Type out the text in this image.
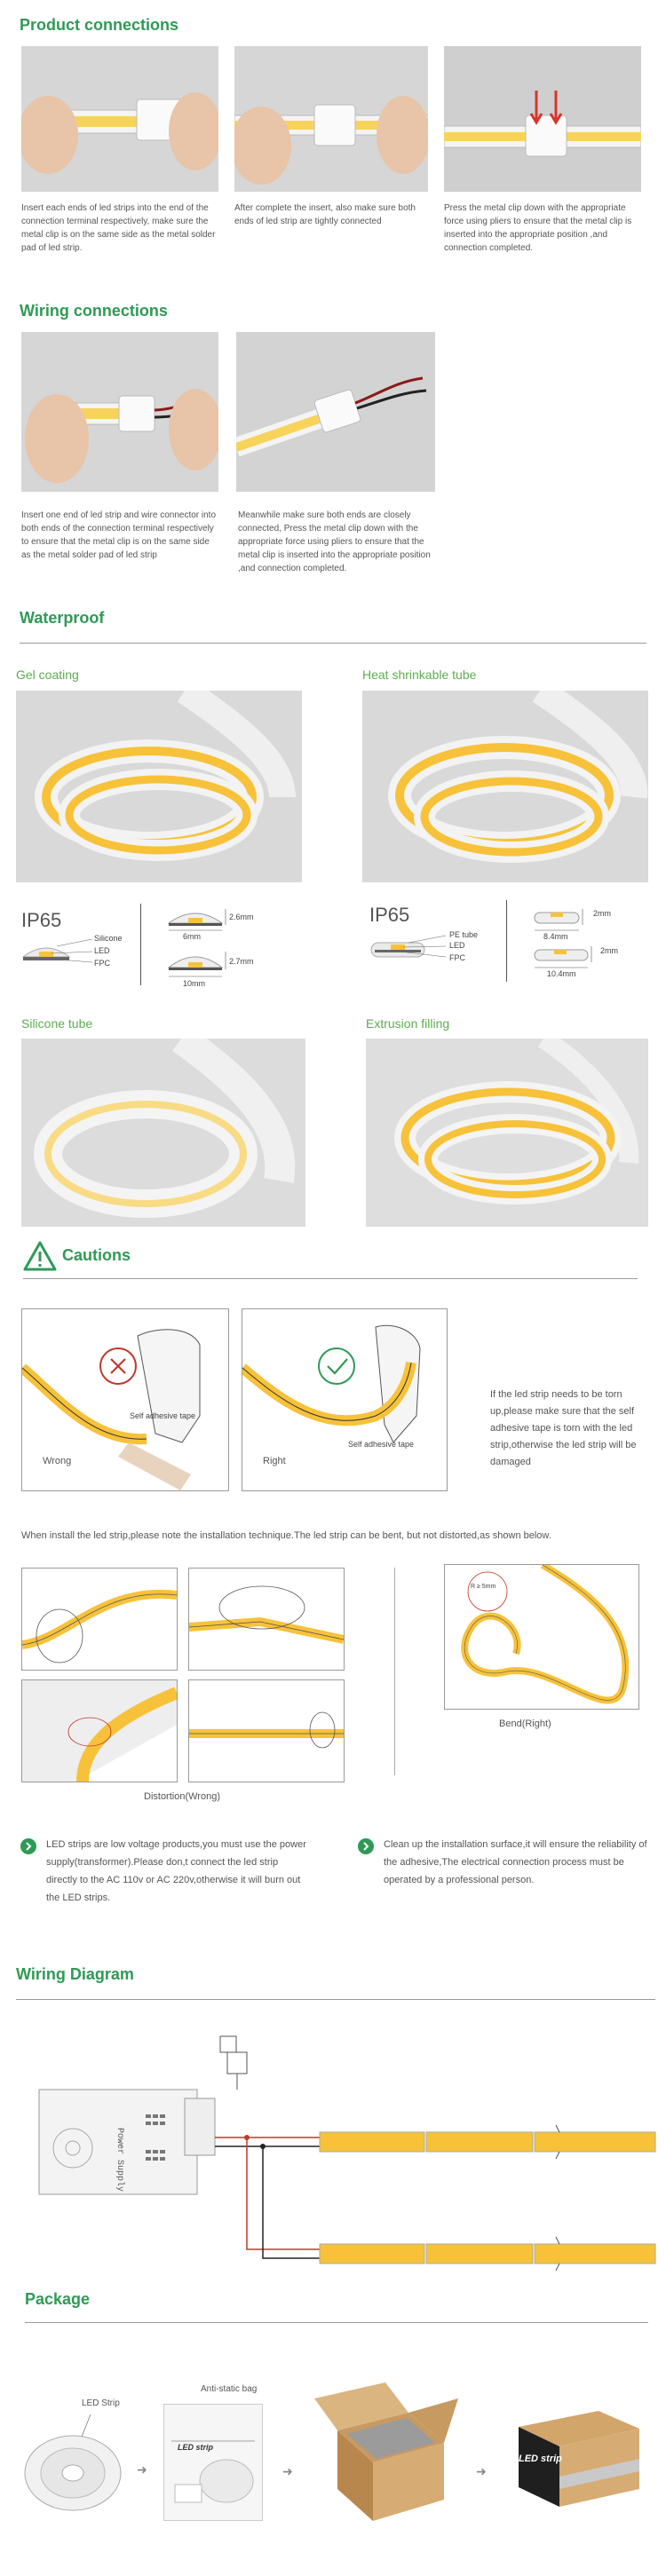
Product connections
Insert each ends of led strips into the end of the connection terminal respectively, make sure the metal clip is on the same side as the metal solder pad of led strip.
After complete the insert, also make sure both ends of led strip are tightly connected
Press the metal clip down with the appropriate force using pliers to ensure that the metal clip is inserted into the appropriate position ,and connection completed.
Wiring connections
Insert one end of led strip and wire connector into both ends of the connection terminal respectively to ensure that the metal clip is on the same side as the metal solder pad of led strip
Meanwhile make sure both ends are closely connected, Press the metal clip down with the appropriate force using pliers to ensure that the metal clip is inserted into the appropriate position ,and connection completed.
Waterproof
Gel coating	Heat shrinkable tube
IP65
Silicone
LED
FPC
2.6mm
6mm
2.7mm
10mm
IP65
PE tube
LED
FPC
2mm
8.4mm
2mm
10.4mm
Silicone tube	Extrusion filling
Cautions
Self adhesive tape
Wrong
Self adhesive tape
Right
If the led strip needs to be torn up,please make sure that the self adhesive tape is torn with the led strip,otherwise the led strip will be damaged
When install the led strip,please note the installation technique.The led strip can be bent, but not distorted,as shown below.
Distortion(Wrong)
R ≥ 5mm
Bend(Right)
LED strips are low voltage products,you must use the power supply(transformer).Please don,t connect the led strip directly to the AC 110v or AC 220v,otherwise it will burn out the LED strips.
Clean up the installation surface,it will ensure the reliability of the adhesive,The electrical connection process must be operated by a professional person.
Wiring Diagram
Power Supply
Package
LED Strip
➜
Anti-static bag
LED strip
➜	➜
LED strip
